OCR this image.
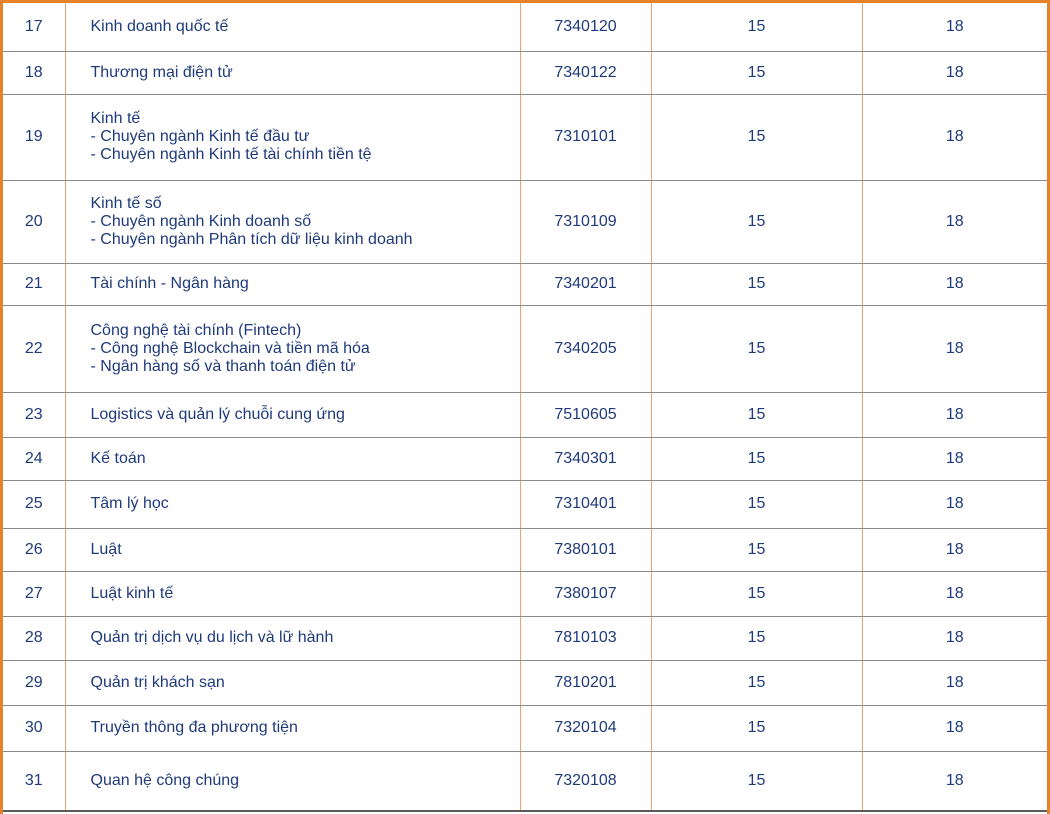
17	Kinh doanh quốc tế	7340120	15	18
18	Thương mại điện tử	7340122	15	18
19	Kinh tế
- Chuyên ngành Kinh tế đầu tư
- Chuyên ngành Kinh tế tài chính tiền tệ	7310101	15	18
20	Kinh tế số
- Chuyên ngành Kinh doanh số
- Chuyên ngành Phân tích dữ liệu kinh doanh	7310109	15	18
21	Tài chính - Ngân hàng	7340201	15	18
22	Công nghệ tài chính (Fintech)
- Công nghệ Blockchain và tiền mã hóa
- Ngân hàng số và thanh toán điện tử	7340205	15	18
23	Logistics và quản lý chuỗi cung ứng	7510605	15	18
24	Kế toán	7340301	15	18
25	Tâm lý học	7310401	15	18
26	Luật	7380101	15	18
27	Luật kinh tế	7380107	15	18
28	Quản trị dịch vụ du lịch và lữ hành	7810103	15	18
29	Quản trị khách sạn	7810201	15	18
30	Truyền thông đa phương tiện	7320104	15	18
31	Quan hệ công chúng	7320108	15	18
